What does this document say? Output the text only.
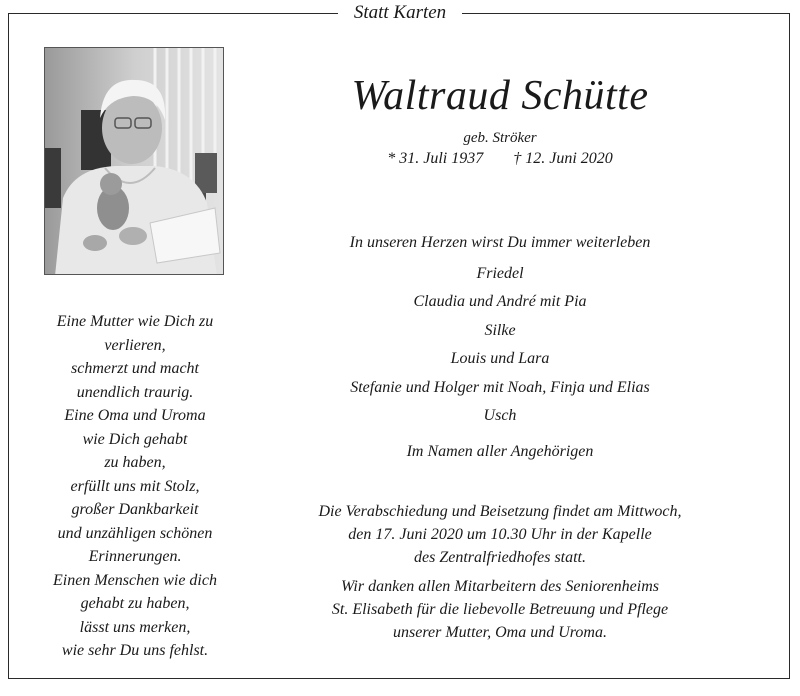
Statt Karten
Eine Mutter wie Dich zu
verlieren,
schmerzt und macht
unendlich traurig.
Eine Oma und Uroma
wie Dich gehabt
zu haben,
erfüllt uns mit Stolz,
großer Dankbarkeit
und unzähligen schönen
Erinnerungen.
Einen Menschen wie dich
gehabt zu haben,
lässt uns merken,
wie sehr Du uns fehlst.
Waltraud Schütte
geb. Ströker
* 31. Juli 1937 † 12. Juni 2020
In unseren Herzen wirst Du immer weiterleben
Friedel
Claudia und André mit Pia
Silke
Louis und Lara
Stefanie und Holger mit Noah, Finja und Elias
Usch
Im Namen aller Angehörigen
Die Verabschiedung und Beisetzung findet am Mittwoch,
den 17. Juni 2020 um 10.30 Uhr in der Kapelle
des Zentralfriedhofes statt.
Wir danken allen Mitarbeitern des Seniorenheims
St. Elisabeth für die liebevolle Betreuung und Pflege
unserer Mutter, Oma und Uroma.
